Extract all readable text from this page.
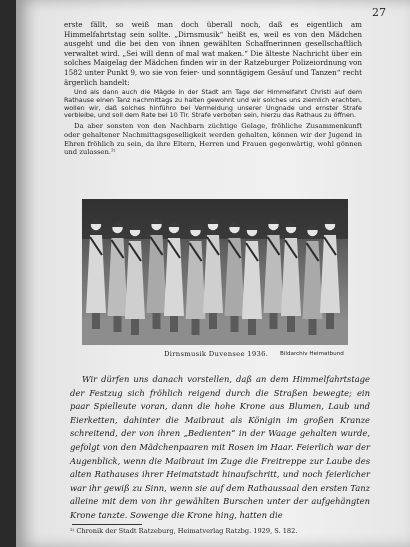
27

erste fällt, so weiß man doch überall noch, daß es eigentlich am Himmelfahrtstag sein sollte. „Dirnsmusik“ heißt es, weil es von den Mädchen ausgeht und die bei den von ihnen gewählten Schaffnerinnen gesellschaftlich verwaltet wird. „Sei will denn of mal wat maken.“ Die älteste Nachricht über ein solches Maigelag der Mädchen finden wir in der Ratzeburger Polizeiordnung von 1582 unter Punkt 9, wo sie von feier- und sonntägigem Gesäuf und Tanzen“ recht ärgerlich handelt:

Und als dann auch die Mägde in der Stadt am Tage der Himmelfahrt Christi auf dem Rathause einen Tanz nachmittags zu halten gewohnt und wir solches uns ziemlich erachten, wollen wir, daß solches hinführo bei Vermeidung unserer Ungnade und ernster Strafe verbleibe, und soll dem Rate bei 10 Tlr. Strafe verboten sein, hierzu das Rathaus zu öffnen.

Da aber sonsten von den Nachbarn züchtige Gelage, fröhliche Zusammenkunft oder gehaltener Nachmittagsgeselligkeit werden gehalten, können wir der Jugend in Ehren fröhlich zu sein, da ihre Eltern, Herren und Frauen gegenwärtig, wohl gönnen und zulassen.²⁾

Dirnsmusik Duvensee 1936. Bildarchiv Heimatbund

Wir dürfen uns danach vorstellen, daß an dem Himmelfahrtstage der Festzug sich fröhlich reigend durch die Straßen bewegte; ein paar Spielleute voran, dann die hohe Krone aus Blumen, Laub und Eierketten, dahinter die Maibraut als Königin im großen Kranze schreitend, der von ihren „Bedienten“ in der Waage gehalten wurde, gefolgt von den Mädchenpaaren mit Rosen im Haar. Feierlich war der Augenblick, wenn die Maibraut im Zuge die Freitreppe zur Laube des alten Rathauses ihrer Heimatstadt hinaufschritt, und noch feierlicher war ihr gewiß zu Sinn, wenn sie auf dem Rathaussaal den ersten Tanz alleine mit dem von ihr gewählten Burschen unter der aufgehängten Krone tanzte. Sowenge die Krone hing, hatten die

²⁾ Chronik der Stadt Ratzeburg, Heimatverlag Ratzbg. 1929, S. 182.
